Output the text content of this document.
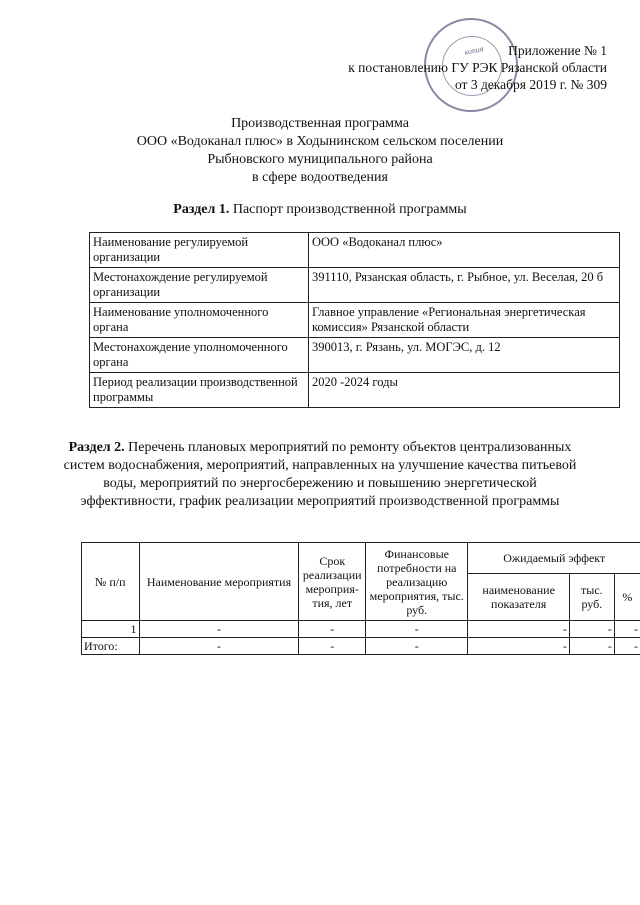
копия	Приложение № 1
к постановлению ГУ РЭК Рязанской области
от 3 декабря 2019 г. № 309
Производственная программа
ООО «Водоканал плюс» в Ходынинском сельском поселении
Рыбновского муниципального района
в сфере водоотведения
Раздел 1. Паспорт производственной программы
Наименование регулируемой организации	ООО «Водоканал плюс»
Местонахождение регулируемой организации	391110, Рязанская область, г. Рыбное, ул. Веселая, 20 б
Наименование уполномоченного органа	Главное управление «Региональная энергетическая комиссия» Рязанской области
Местонахождение уполномоченного органа	390013, г. Рязань, ул. МОГЭС, д. 12
Период реализации производственной программы	2020 -2024 годы
Раздел 2. Перечень плановых мероприятий по ремонту объектов централизованных систем водоснабжения, мероприятий, направленных на улучшение качества питьевой воды, мероприятий по энергосбережению и повышению энергетической эффективности, график реализации мероприятий производственной программы
№ п/п	Наименование мероприятия	Срок реализации мероприя- тия, лет	Финансовые потребности на реализацию мероприятия, тыс. руб.	Ожидаемый эффект		
				наименование показателя	тыс. руб.	%
1	-	-	-	-	-	-
Итого:	-	-	-	-	-	-
